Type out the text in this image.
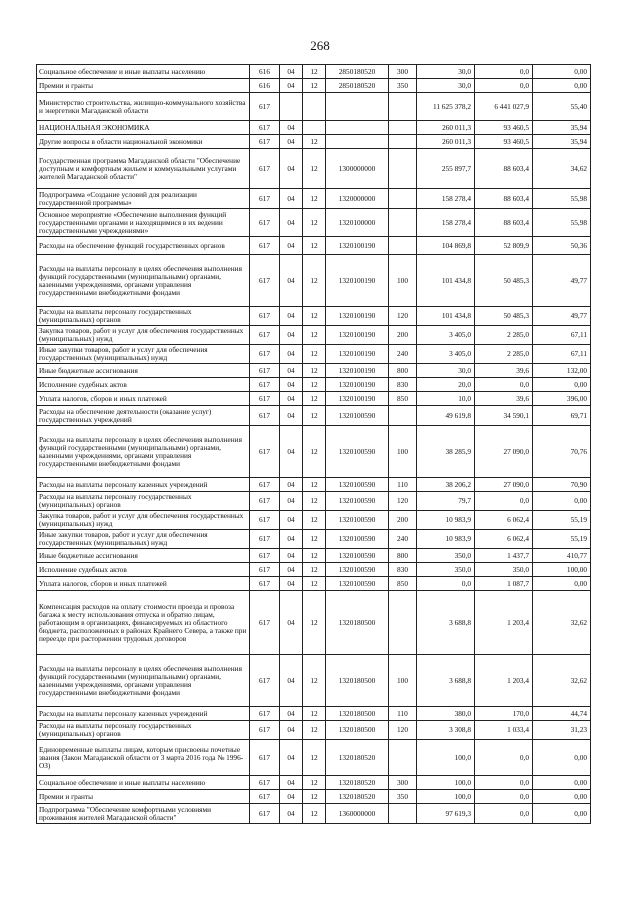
268
Социальное обеспечение и иные выплаты населению	616	04	12	2850180520	300	30,0	0,0	0,00
Премии и гранты	616	04	12	2850180520	350	30,0	0,0	0,00
Министерство строительства, жилищно-коммунального хозяйства и энергетики Магаданской области	617					11 625 378,2	6 441 027,9	55,40
НАЦИОНАЛЬНАЯ ЭКОНОМИКА	617	04				260 011,3	93 460,5	35,94
Другие вопросы в области национальной экономики	617	04	12			260 011,3	93 460,5	35,94
Государственная программа Магаданской области "Обеспечение доступным и комфортным жильем и коммунальными услугами жителей Магаданской области"	617	04	12	1300000000		255 897,7	88 603,4	34,62
Подпрограмма «Создание условий для реализации государственной программы»	617	04	12	1320000000		158 278,4	88 603,4	55,98
Основное мероприятие «Обеспечение выполнения функций государственными органами и находящимися в их ведении государственными учреждениями»	617	04	12	1320100000		158 278,4	88 603,4	55,98
Расходы на обеспечение функций государственных органов	617	04	12	1320100190		104 869,8	52 809,9	50,36
Расходы на выплаты персоналу в целях обеспечения выполнения функций государственными (муниципальными) органами, казенными учреждениями, органами управления государственными внебюджетными фондами	617	04	12	1320100190	100	101 434,8	50 485,3	49,77
Расходы на выплаты персоналу государственных (муниципальных) органов	617	04	12	1320100190	120	101 434,8	50 485,3	49,77
Закупка товаров, работ и услуг для обеспечения государственных (муниципальных) нужд	617	04	12	1320100190	200	3 405,0	2 285,0	67,11
Иные закупки товаров, работ и услуг для обеспечения государственных (муниципальных) нужд	617	04	12	1320100190	240	3 405,0	2 285,0	67,11
Иные бюджетные ассигнования	617	04	12	1320100190	800	30,0	39,6	132,00
Исполнение судебных актов	617	04	12	1320100190	830	20,0	0,0	0,00
Уплата налогов, сборов и иных платежей	617	04	12	1320100190	850	10,0	39,6	396,00
Расходы на обеспечение деятельности (оказание услуг) государственных учреждений	617	04	12	1320100590		49 619,8	34 590,1	69,71
Расходы на выплаты персоналу в целях обеспечения выполнения функций государственными (муниципальными) органами, казенными учреждениями, органами управления государственными внебюджетными фондами	617	04	12	1320100590	100	38 285,9	27 090,0	70,76
Расходы на выплаты персоналу казенных учреждений	617	04	12	1320100590	110	38 206,2	27 090,0	70,90
Расходы на выплаты персоналу государственных (муниципальных) органов	617	04	12	1320100590	120	79,7	0,0	0,00
Закупка товаров, работ и услуг для обеспечения государственных (муниципальных) нужд	617	04	12	1320100590	200	10 983,9	6 062,4	55,19
Иные закупки товаров, работ и услуг для обеспечения государственных (муниципальных) нужд	617	04	12	1320100590	240	10 983,9	6 062,4	55,19
Иные бюджетные ассигнования	617	04	12	1320100590	800	350,0	1 437,7	410,77
Исполнение судебных актов	617	04	12	1320100590	830	350,0	350,0	100,00
Уплата налогов, сборов и иных платежей	617	04	12	1320100590	850	0,0	1 087,7	0,00
Компенсация расходов на оплату стоимости проезда и провоза багажа к месту использования отпуска и обратно лицам, работающим в организациях, финансируемых из областного бюджета, расположенных в районах Крайнего Севера, а также при переезде при расторжении трудовых договоров	617	04	12	1320180500		3 688,8	1 203,4	32,62
Расходы на выплаты персоналу в целях обеспечения выполнения функций государственными (муниципальными) органами, казенными учреждениями, органами управления государственными внебюджетными фондами	617	04	12	1320180500	100	3 688,8	1 203,4	32,62
Расходы на выплаты персоналу казенных учреждений	617	04	12	1320180500	110	380,0	170,0	44,74
Расходы на выплаты персоналу государственных (муниципальных) органов	617	04	12	1320180500	120	3 308,8	1 033,4	31,23
Единовременные выплаты лицам, которым присвоены почетные звания (Закон Магаданской области от 3 марта 2016 года № 1996-ОЗ)	617	04	12	1320180520		100,0	0,0	0,00
Социальное обеспечение и иные выплаты населению	617	04	12	1320180520	300	100,0	0,0	0,00
Премии и гранты	617	04	12	1320180520	350	100,0	0,0	0,00
Подпрограмма "Обеспечение комфортными условиями проживания жителей Магаданской области"	617	04	12	1360000000		97 619,3	0,0	0,00
